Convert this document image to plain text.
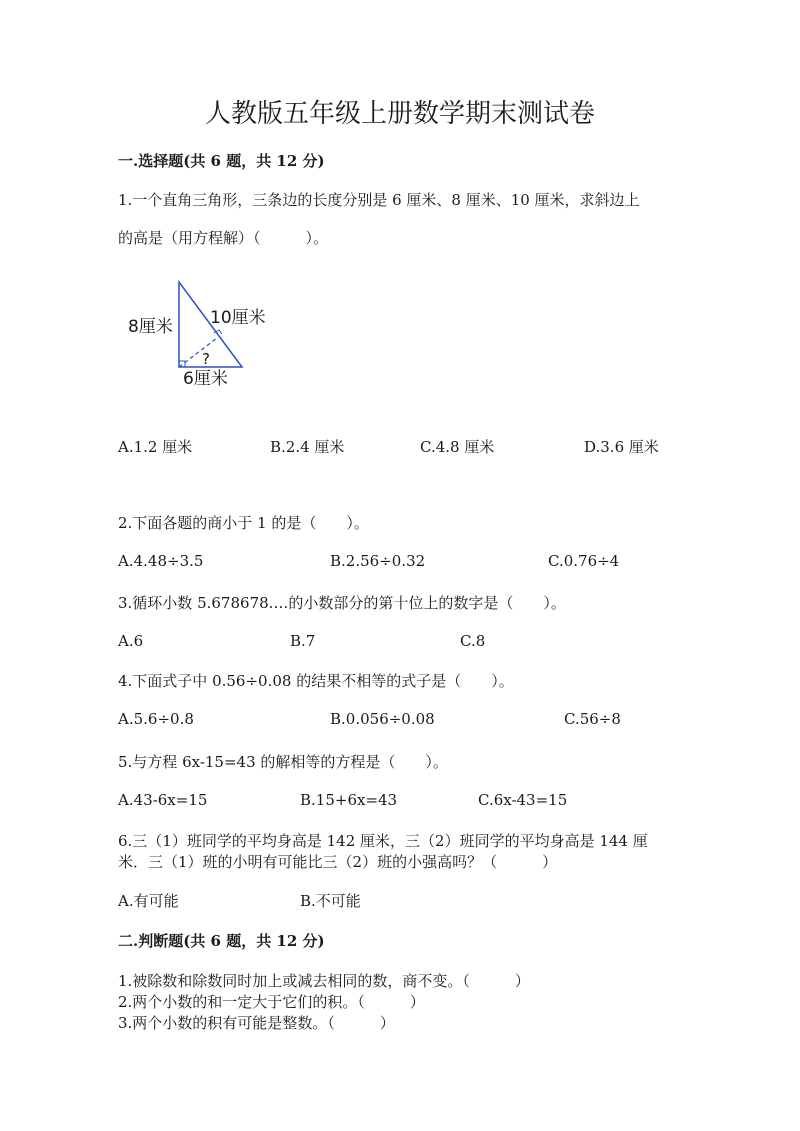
人教版五年级上册数学期末测试卷
一.选择题(共 6 题，共 12 分)
1.一个直角三角形，三条边的长度分别是 6 厘米、8 厘米、10 厘米，求斜边上
的高是（用方程解）（　　　）。
8厘米 10厘米
6厘米
?
A.1.2 厘米	B.2.4 厘米	C.4.8 厘米	D.3.6 厘米
2.下面各题的商小于 1 的是（　　）。
A.4.48÷3.5	B.2.56÷0.32	C.0.76÷4
3.循环小数 5.678678.…的小数部分的第十位上的数字是（　　）。
A.6	B.7	C.8
4.下面式子中 0.56÷0.08 的结果不相等的式子是（　　）。
A.5.6÷0.8	B.0.056÷0.08	C.56÷8
5.与方程 6x-15=43 的解相等的方程是（　　）。
A.43-6x=15	B.15+6x=43	C.6x-43=15
6.三（1）班同学的平均身高是 142 厘米，三（2）班同学的平均身高是 144 厘
米．三（1）班的小明有可能比三（2）班的小强高吗？（　　　）
A.有可能	B.不可能
二.判断题(共 6 题，共 12 分)
1.被除数和除数同时加上或减去相同的数，商不变。（　　　）
2.两个小数的和一定大于它们的积。（　　　）
3.两个小数的积有可能是整数。（　　　）
